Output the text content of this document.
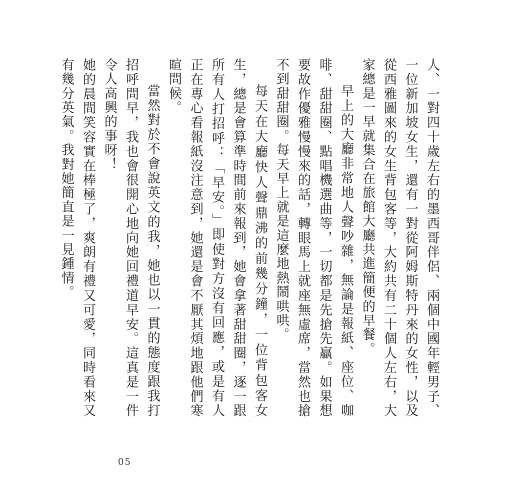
人、一對四十歲左右的墨西哥伴侶、兩個中國年輕男子、一位新加坡女生，還有一對從阿姆斯特丹來的女性，以及從西雅圖來的女生背包客等，大約共有二十個人左右，大家總是一早就集合在旅館大廳共進簡便的早餐。

早上的大廳非常地人聲吵雜，無論是報紙、座位、咖啡、甜甜圈、點唱機選曲等，一切都是先搶先贏。如果想要故作優雅慢慢來的話，轉眼馬上就座無虛席，當然也搶不到甜甜圈。每天早上就是這麼地熱鬧哄哄。

每天在大廳快人聲鼎沸的前幾分鐘，一位背包客女生，總是會算準時間前來報到，她會拿著甜甜圈，逐一跟所有人打招呼：「早安。」即使對方沒有回應，或是有人正在專心看報紙沒注意到，她還是會不厭其煩地跟他們寒暄問候。

當然對於不會說英文的我，她也以一貫的態度跟我打招呼問早，我也會很開心地向她回禮道早安。這真是一件令人高興的事呀！

她的晨間笑容實在棒極了，爽朗有禮又可愛，同時看來又有幾分英氣。我對她簡直是一見鍾情。

05
